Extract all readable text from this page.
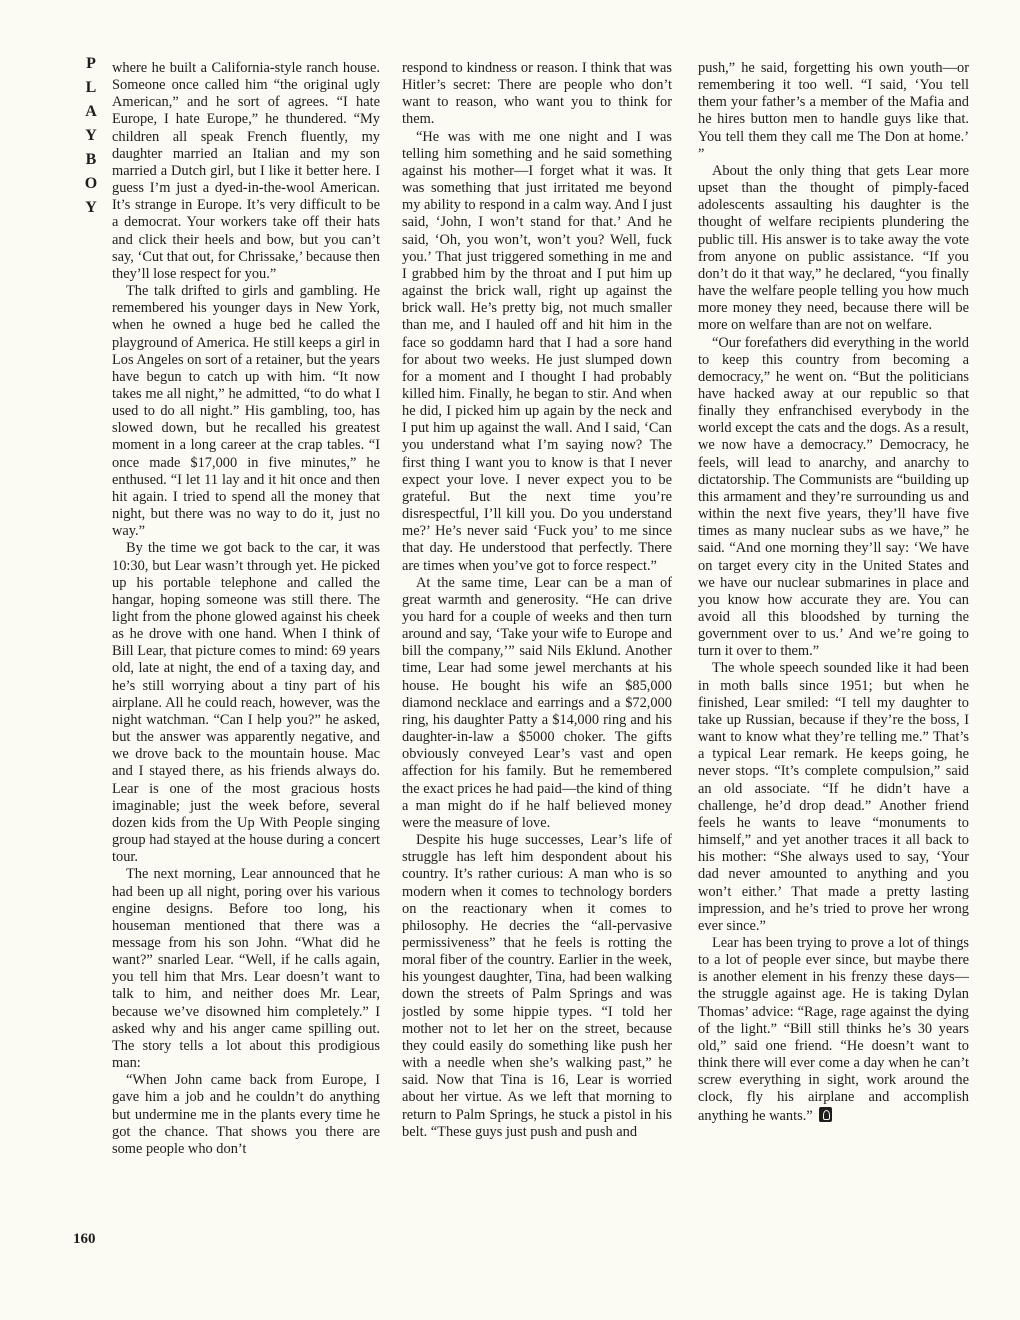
P
L
A
Y
B
O
Y

where he built a California-style ranch house. Someone once called him “the original ugly American,” and he sort of agrees. “I hate Europe, I hate Europe,” he thundered. “My children all speak French fluently, my daughter married an Italian and my son married a Dutch girl, but I like it better here. I guess I’m just a dyed-in-the-wool American. It’s strange in Europe. It’s very difficult to be a democrat. Your workers take off their hats and click their heels and bow, but you can’t say, ‘Cut that out, for Chrissake,’ because then they’ll lose respect for you.”

The talk drifted to girls and gambling. He remembered his younger days in New York, when he owned a huge bed he called the playground of America. He still keeps a girl in Los Angeles on sort of a retainer, but the years have begun to catch up with him. “It now takes me all night,” he admitted, “to do what I used to do all night.” His gambling, too, has slowed down, but he recalled his greatest moment in a long career at the crap tables. “I once made $17,000 in five minutes,” he enthused. “I let 11 lay and it hit once and then hit again. I tried to spend all the money that night, but there was no way to do it, just no way.”

By the time we got back to the car, it was 10:30, but Lear wasn’t through yet. He picked up his portable telephone and called the hangar, hoping someone was still there. The light from the phone glowed against his cheek as he drove with one hand. When I think of Bill Lear, that picture comes to mind: 69 years old, late at night, the end of a taxing day, and he’s still worrying about a tiny part of his airplane. All he could reach, however, was the night watchman. “Can I help you?” he asked, but the answer was apparently negative, and we drove back to the mountain house. Mac and I stayed there, as his friends always do. Lear is one of the most gracious hosts imaginable; just the week before, several dozen kids from the Up With People singing group had stayed at the house during a concert tour.

The next morning, Lear announced that he had been up all night, poring over his various engine designs. Before too long, his houseman mentioned that there was a message from his son John. “What did he want?” snarled Lear. “Well, if he calls again, you tell him that Mrs. Lear doesn’t want to talk to him, and neither does Mr. Lear, because we’ve disowned him completely.” I asked why and his anger came spilling out. The story tells a lot about this prodigious man:

“When John came back from Europe, I gave him a job and he couldn’t do anything but undermine me in the plants every time he got the chance. That shows you there are some people who don’t

respond to kindness or reason. I think that was Hitler’s secret: There are people who don’t want to reason, who want you to think for them.

“He was with me one night and I was telling him something and he said something against his mother—I forget what it was. It was something that just irritated me beyond my ability to respond in a calm way. And I just said, ‘John, I won’t stand for that.’ And he said, ‘Oh, you won’t, won’t you? Well, fuck you.’ That just triggered something in me and I grabbed him by the throat and I put him up against the brick wall, right up against the brick wall. He’s pretty big, not much smaller than me, and I hauled off and hit him in the face so goddamn hard that I had a sore hand for about two weeks. He just slumped down for a moment and I thought I had probably killed him. Finally, he began to stir. And when he did, I picked him up again by the neck and I put him up against the wall. And I said, ‘Can you understand what I’m saying now? The first thing I want you to know is that I never expect your love. I never expect you to be grateful. But the next time you’re disrespectful, I’ll kill you. Do you understand me?’ He’s never said ‘Fuck you’ to me since that day. He understood that perfectly. There are times when you’ve got to force respect.”

At the same time, Lear can be a man of great warmth and generosity. “He can drive you hard for a couple of weeks and then turn around and say, ‘Take your wife to Europe and bill the company,’” said Nils Eklund. Another time, Lear had some jewel merchants at his house. He bought his wife an $85,000 diamond necklace and earrings and a $72,000 ring, his daughter Patty a $14,000 ring and his daughter-in-law a $5000 choker. The gifts obviously conveyed Lear’s vast and open affection for his family. But he remembered the exact prices he had paid—the kind of thing a man might do if he half believed money were the measure of love.

Despite his huge successes, Lear’s life of struggle has left him despondent about his country. It’s rather curious: A man who is so modern when it comes to technology borders on the reactionary when it comes to philosophy. He decries the “all-pervasive permissiveness” that he feels is rotting the moral fiber of the country. Earlier in the week, his youngest daughter, Tina, had been walking down the streets of Palm Springs and was jostled by some hippie types. “I told her mother not to let her on the street, because they could easily do something like push her with a needle when she’s walking past,” he said. Now that Tina is 16, Lear is worried about her virtue. As we left that morning to return to Palm Springs, he stuck a pistol in his belt. “These guys just push and push and

push,” he said, forgetting his own youth—or remembering it too well. “I said, ‘You tell them your father’s a member of the Mafia and he hires button men to handle guys like that. You tell them they call me The Don at home.’ ”

About the only thing that gets Lear more upset than the thought of pimply-faced adolescents assaulting his daughter is the thought of welfare recipients plundering the public till. His answer is to take away the vote from anyone on public assistance. “If you don’t do it that way,” he declared, “you finally have the welfare people telling you how much more money they need, because there will be more on welfare than are not on welfare.

“Our forefathers did everything in the world to keep this country from becoming a democracy,” he went on. “But the politicians have hacked away at our republic so that finally they enfranchised everybody in the world except the cats and the dogs. As a result, we now have a democracy.” Democracy, he feels, will lead to anarchy, and anarchy to dictatorship. The Communists are “building up this armament and they’re surrounding us and within the next five years, they’ll have five times as many nuclear subs as we have,” he said. “And one morning they’ll say: ‘We have on target every city in the United States and we have our nuclear submarines in place and you know how accurate they are. You can avoid all this bloodshed by turning the government over to us.’ And we’re going to turn it over to them.”

The whole speech sounded like it had been in moth balls since 1951; but when he finished, Lear smiled: “I tell my daughter to take up Russian, because if they’re the boss, I want to know what they’re telling me.” That’s a typical Lear remark. He keeps going, he never stops. “It’s complete compulsion,” said an old associate. “If he didn’t have a challenge, he’d drop dead.” Another friend feels he wants to leave “monuments to himself,” and yet another traces it all back to his mother: “She always used to say, ‘Your dad never amounted to anything and you won’t either.’ That made a pretty lasting impression, and he’s tried to prove her wrong ever since.”

Lear has been trying to prove a lot of things to a lot of people ever since, but maybe there is another element in his frenzy these days—the struggle against age. He is taking Dylan Thomas’ advice: “Rage, rage against the dying of the light.” “Bill still thinks he’s 30 years old,” said one friend. “He doesn’t want to think there will ever come a day when he can’t screw everything in sight, work around the clock, fly his airplane and accomplish anything he wants.”

160
